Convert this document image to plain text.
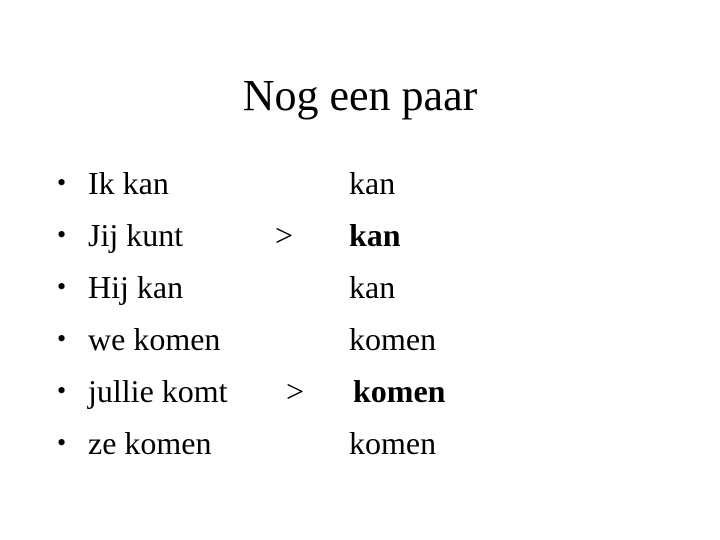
Nog een paar
• Ik kan	kan
• Jij kunt	> kan
• Hij kan	kan
• we komen	komen
• jullie komt > komen
• ze komen	komen
